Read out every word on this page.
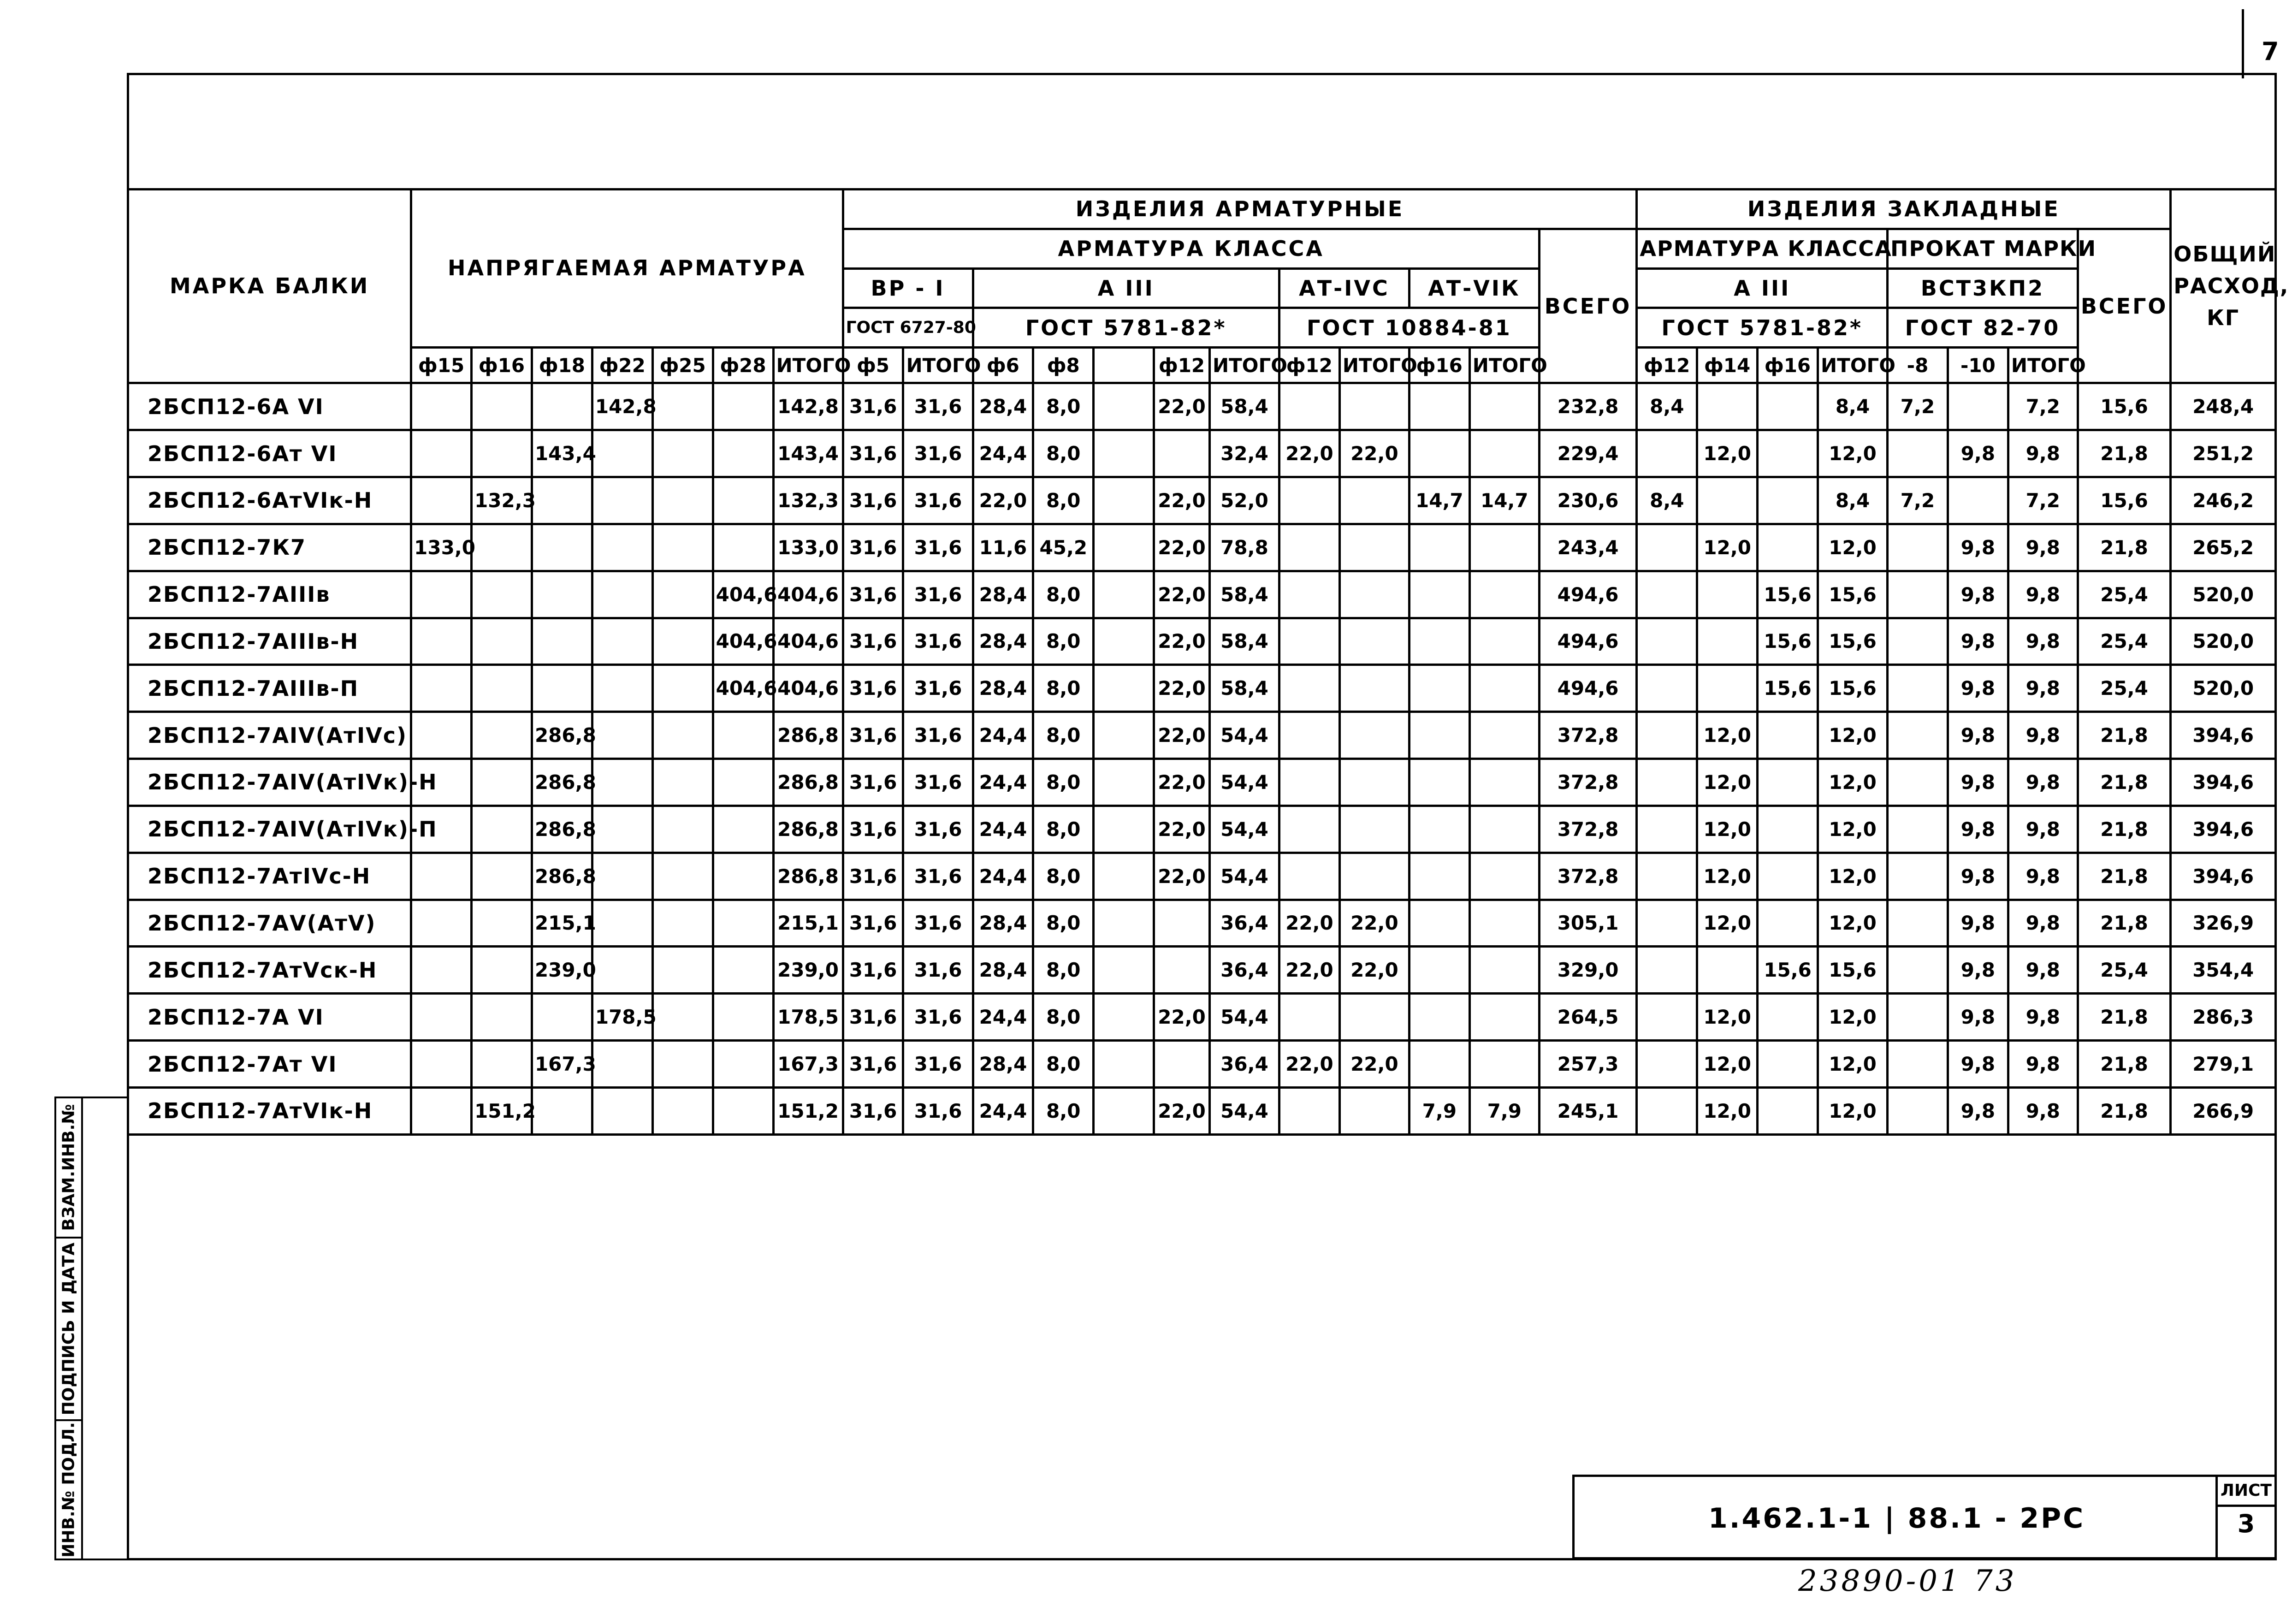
7
ВЗАМ.ИНВ.№
ПОДПИСЬ И ДАТА
ИНВ.№ ПОДЛ.
МАРКА БАЛКИ	НАПРЯГАЕМАЯ АРМАТУРА							ИЗДЕЛИЯ АРМАТУРНЫЕ												ИЗДЕЛИЯ ЗАКЛАДНЫЕ								ОБЩИЙ РАСХОД, КГ
								АРМАТУРА КЛАССА											ВСЕГО	АРМАТУРА КЛАССА				ПРОКАТ МАРКИ			ВСЕГО	
								ВР - I		А III					АТ-IVС		АТ-VIК			А III				ВСТ3КП2				
								ГОСТ 6727-80		ГОСТ 5781-82*					ГОСТ 10884-81					ГОСТ 5781-82*				ГОСТ 82-70				
	ф15	ф16	ф18	ф22	ф25	ф28	ИТОГО	ф5	ИТОГО	ф6	ф8		ф12	ИТОГО	ф12	ИТОГО	ф16	ИТОГО		ф12	ф14	ф16	ИТОГО	-8	-10	ИТОГО		
2БСП12-6А VI				142,8			142,8	31,6	31,6	28,4	8,0		22,0	58,4					232,8	8,4			8,4	7,2		7,2	15,6	248,4
2БСП12-6Ат VI			143,4				143,4	31,6	31,6	24,4	8,0			32,4	22,0	22,0			229,4		12,0		12,0		9,8	9,8	21,8	251,2
2БСП12-6АтVIк-Н		132,3					132,3	31,6	31,6	22,0	8,0		22,0	52,0			14,7	14,7	230,6	8,4			8,4	7,2		7,2	15,6	246,2
2БСП12-7К7	133,0						133,0	31,6	31,6	11,6	45,2		22,0	78,8					243,4		12,0		12,0		9,8	9,8	21,8	265,2
2БСП12-7АIIIв						404,6	404,6	31,6	31,6	28,4	8,0		22,0	58,4					494,6			15,6	15,6		9,8	9,8	25,4	520,0
2БСП12-7АIIIв-Н						404,6	404,6	31,6	31,6	28,4	8,0		22,0	58,4					494,6			15,6	15,6		9,8	9,8	25,4	520,0
2БСП12-7АIIIв-П						404,6	404,6	31,6	31,6	28,4	8,0		22,0	58,4					494,6			15,6	15,6		9,8	9,8	25,4	520,0
2БСП12-7АIV(АтIVс)			286,8				286,8	31,6	31,6	24,4	8,0		22,0	54,4					372,8		12,0		12,0		9,8	9,8	21,8	394,6
2БСП12-7АIV(АтIVк)-Н			286,8				286,8	31,6	31,6	24,4	8,0		22,0	54,4					372,8		12,0		12,0		9,8	9,8	21,8	394,6
2БСП12-7АIV(АтIVк)-П			286,8				286,8	31,6	31,6	24,4	8,0		22,0	54,4					372,8		12,0		12,0		9,8	9,8	21,8	394,6
2БСП12-7АтIVс-Н			286,8				286,8	31,6	31,6	24,4	8,0		22,0	54,4					372,8		12,0		12,0		9,8	9,8	21,8	394,6
2БСП12-7АV(АтV)			215,1				215,1	31,6	31,6	28,4	8,0			36,4	22,0	22,0			305,1		12,0		12,0		9,8	9,8	21,8	326,9
2БСП12-7АтVск-Н			239,0				239,0	31,6	31,6	28,4	8,0			36,4	22,0	22,0			329,0			15,6	15,6		9,8	9,8	25,4	354,4
2БСП12-7А VI				178,5			178,5	31,6	31,6	24,4	8,0		22,0	54,4					264,5		12,0		12,0		9,8	9,8	21,8	286,3
2БСП12-7Ат VI			167,3				167,3	31,6	31,6	28,4	8,0			36,4	22,0	22,0			257,3		12,0		12,0		9,8	9,8	21,8	279,1
2БСП12-7АтVIк-Н		151,2					151,2	31,6	31,6	24,4	8,0		22,0	54,4			7,9	7,9	245,1		12,0		12,0		9,8	9,8	21,8	266,9
1.462.1-1 | 88.1 - 2РС
ЛИСТ
3
23890-01 73
